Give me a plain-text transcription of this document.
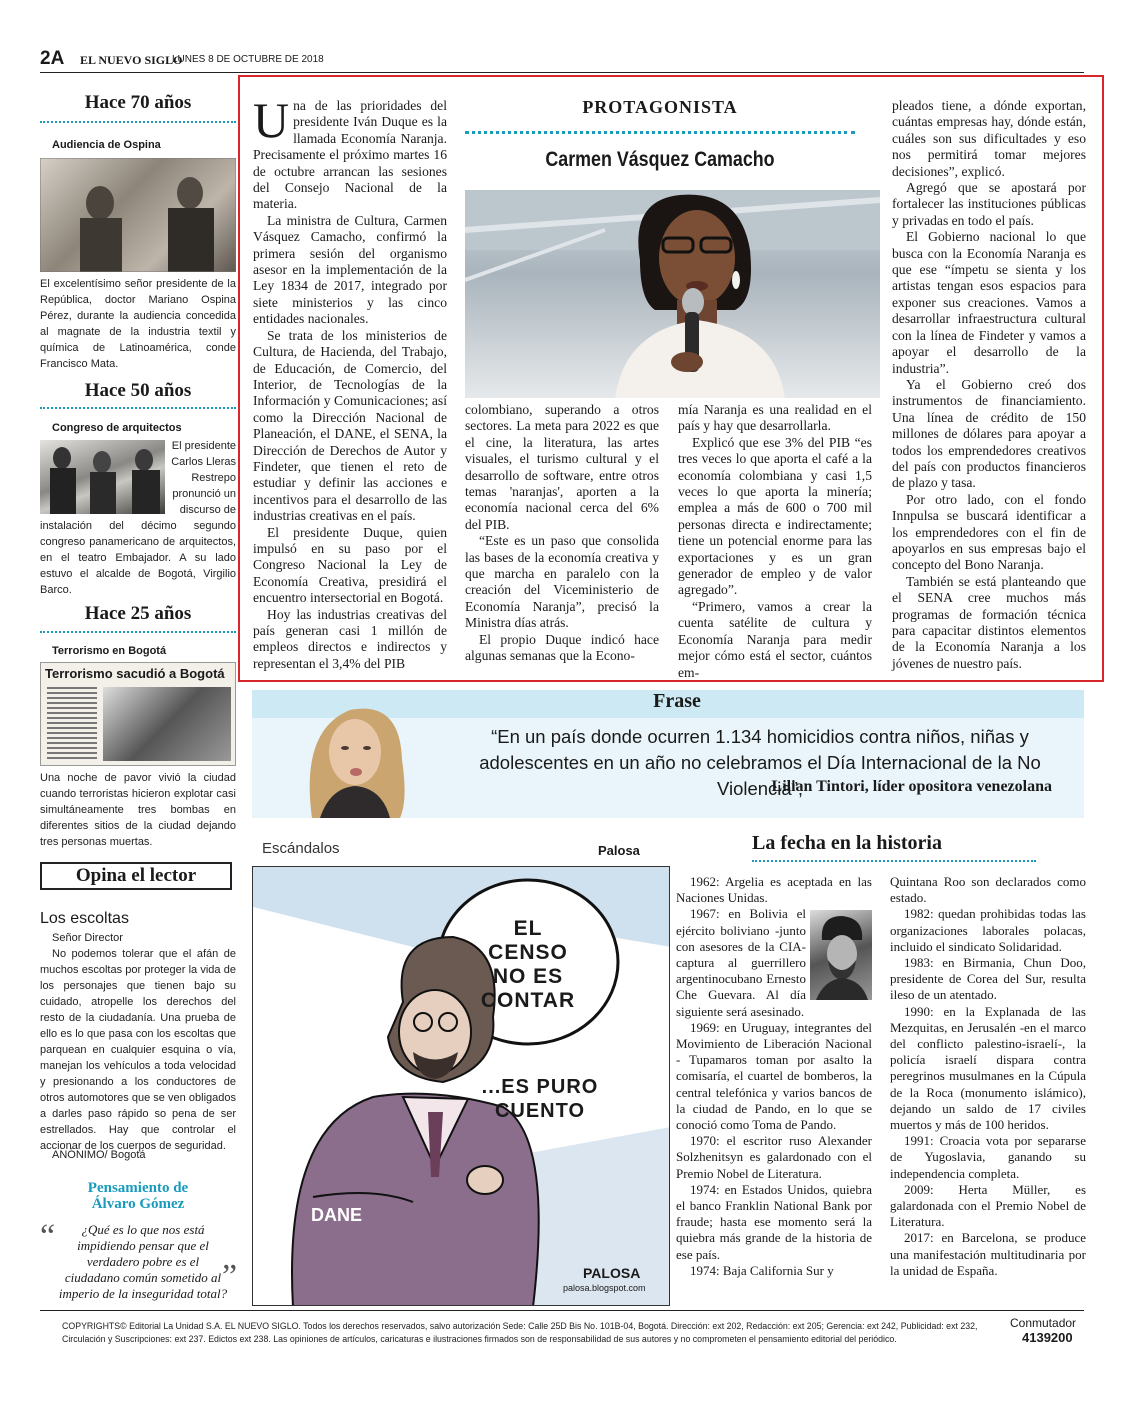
2A EL NUEVO SIGLO
LUNES 8 DE OCTUBRE DE 2018
Hace 70 años
Audiencia de Ospina
El excelentísimo señor presidente de la República, doctor Mariano Ospina Pérez, durante la audiencia concedida al magnate de la industria textil y química de Latinoamérica, conde Francisco Mata.
Hace 50 años
Congreso de arquitectos
El presidente Carlos Lleras Restrepo pronunció un discurso de
instalación del décimo segundo congreso panamericano de arquitectos, en el teatro Embajador. A su lado estuvo el alcalde de Bogotá, Virgilio Barco.
Hace 25 años
Terrorismo en Bogotá
Terrorismo sacudió a Bogotá
Una noche de pavor vivió la ciudad cuando terroristas hicieron explotar casi simultáneamente tres bombas en diferentes sitios de la ciudad dejando tres personas muertas.
Opina el lector
Los escoltas
Señor Director
No podemos tolerar que el afán de muchos escoltas por proteger la vida de los personajes que tienen bajo su cuidado, atropelle los derechos del resto de la ciudadanía. Una prueba de ello es lo que pasa con los escoltas que parquean en cualquier esquina o vía, manejan los vehículos a toda velocidad y presionando a los conductores de otros automotores que se ven obligados a darles paso rápido so pena de ser estrellados. Hay que controlar el accionar de los cuerpos de seguridad.
ANÓNIMO/ Bogotá
Pensamiento de
Álvaro Gómez
“	¿Qué es lo que nos está impidiendo pensar que el verdadero pobre es el ciudadano común sometido al imperio de la inseguridad total?
”

Una de las prioridades del presidente Iván Duque es la llamada Economía Naranja. Precisamente el próximo martes 16 de octubre arrancan las sesiones del Consejo Nacional de la materia.

La ministra de Cultura, Carmen Vásquez Camacho, confirmó la primera sesión del organismo asesor en la implementación de la Ley 1834 de 2017, integrado por siete ministerios y las cinco entidades nacionales.

Se trata de los ministerios de Cultura, de Hacienda, del Trabajo, de Educación, de Comercio, del Interior, de Tecnologías de la Información y Comunicaciones; así como la Dirección Nacional de Planeación, el DANE, el SENA, la Dirección de Derechos de Autor y Findeter, que tienen el reto de estudiar y definir las acciones e incentivos para el desarrollo de las industrias creativas en el país.

El presidente Duque, quien impulsó en su paso por el Congreso Nacional la Ley de Economía Creativa, presidirá el encuentro intersectorial en Bogotá.

Hoy las industrias creativas del país generan casi 1 millón de empleos directos e indirectos y representan el 3,4% del PIB

PROTAGONISTA
Carmen Vásquez Camacho

colombiano, superando a otros sectores. La meta para 2022 es que el cine, la literatura, las artes visuales, el turismo cultural y el desarrollo de software, entre otros temas 'naranjas', aporten a la economía nacional cerca del 6% del PIB.

“Este es un paso que consolida las bases de la economía creativa y que marcha en paralelo con la creación del Viceministerio de Economía Naranja”, precisó la Ministra días atrás.

El propio Duque indicó hace algunas semanas que la Econo-

mía Naranja es una realidad en el país y hay que desarrollarla.

Explicó que ese 3% del PIB “es tres veces lo que aporta el café a la economía colombiana y casi 1,5 veces lo que aporta la minería; emplea a más de 600 o 700 mil personas directa e indirectamente; tiene un potencial enorme para las exportaciones y es un gran generador de empleo y de valor agregado”.

“Primero, vamos a crear la cuenta satélite de cultura y Economía Naranja para medir mejor cómo está el sector, cuántos em-

pleados tiene, a dónde exportan, cuántas empresas hay, dónde están, cuáles son sus dificultades y eso nos permitirá tomar mejores decisiones”, explicó.

Agregó que se apostará por fortalecer las instituciones públicas y privadas en todo el país.

El Gobierno nacional lo que busca con la Economía Naranja es que ese “ímpetu se sienta y los artistas tengan esos espacios para exponer sus creaciones. Vamos a desarrollar infraestructura cultural con la línea de Findeter y vamos a apoyar el desarrollo de la industria”.

Ya el Gobierno creó dos instrumentos de financiamiento. Una línea de crédito de 150 millones de dólares para apoyar a todos los emprendedores creativos del país con productos financieros de plazo y tasa.

Por otro lado, con el fondo Innpulsa se buscará identificar a los emprendedores con el fin de apoyarlos en sus empresas bajo el concepto del Bono Naranja.

También se está planteando que el SENA cree muchos más programas de formación técnica para capacitar distintos elementos de la Economía Naranja a los jóvenes de nuestro país.

Frase
“En un país donde ocurren 1.134 homicidios contra niños, niñas y adolescentes en un año no celebramos el Día Internacional de la No Violencia”,
Lilian Tintori, líder opositora venezolana
Escándalos	Palosa
EL
CENSO
NO ES
CONTAR
...ES PURO
CUENTO
DANE
PALOSA
palosa.blogspot.com
La fecha en la historia

1962: Argelia es aceptada en las Naciones Unidas.

1967: en Bolivia el ejército boliviano -junto con asesores de la CIA- captura al guerrillero argentinocubano Ernesto Che Guevara. Al día siguiente será asesinado.

1969: en Uruguay, integrantes del Movimiento de Liberación Nacional - Tupamaros toman por asalto la comisaría, el cuartel de bomberos, la central telefónica y varios bancos de la ciudad de Pando, en lo que se conoció como Toma de Pando.

1970: el escritor ruso Alexander Solzhenitsyn es galardonado con el Premio Nobel de Literatura.

1974: en Estados Unidos, quiebra el banco Franklin National Bank por fraude; hasta ese momento será la quiebra más grande de la historia de ese país.

1974: Baja California Sur y

Quintana Roo son declarados como estado.

1982: quedan prohibidas todas las organizaciones laborales polacas, incluido el sindicato Solidaridad.

1983: en Birmania, Chun Doo, presidente de Corea del Sur, resulta ileso de un atentado.

1990: en la Explanada de las Mezquitas, en Jerusalén -en el marco del conflicto palestino-israelí-, la policía israelí dispara contra peregrinos musulmanes en la Cúpula de la Roca (monumento islámico), dejando un saldo de 17 civiles muertos y más de 100 heridos.

1991: Croacia vota por separarse de Yugoslavia, ganando su independencia completa.

2009: Herta Müller, es galardonada con el Premio Nobel de Literatura.

2017: en Barcelona, se produce una manifestación multitudinaria por la unidad de España.

COPYRIGHTS© Editorial La Unidad S.A. EL NUEVO SIGLO. Todos los derechos reservados, salvo autorización Sede: Calle 25D Bis No. 101B-04, Bogotá. Dirección: ext 202, Redacción: ext 205; Gerencia: ext 242, Publicidad: ext 232, Circulación y Suscripciones: ext 237. Edictos ext 238. Las opiniones de artículos, caricaturas e ilustraciones firmados son de responsabilidad de sus autores y no comprometen el pensamiento editorial del periódico.
Conmutador
4139200
